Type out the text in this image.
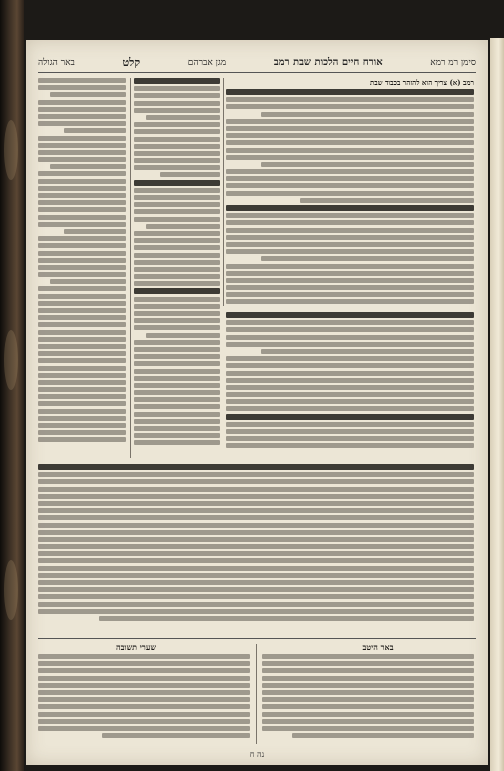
סימן רמ רמא
אורח חיים הלכות שבת רמב
מגן אברהם
קלט
באר הגולה
רמב (א) צריך הוא להזהר בכבוד שבת
באר היטב
שערי תשובה
נה ח
